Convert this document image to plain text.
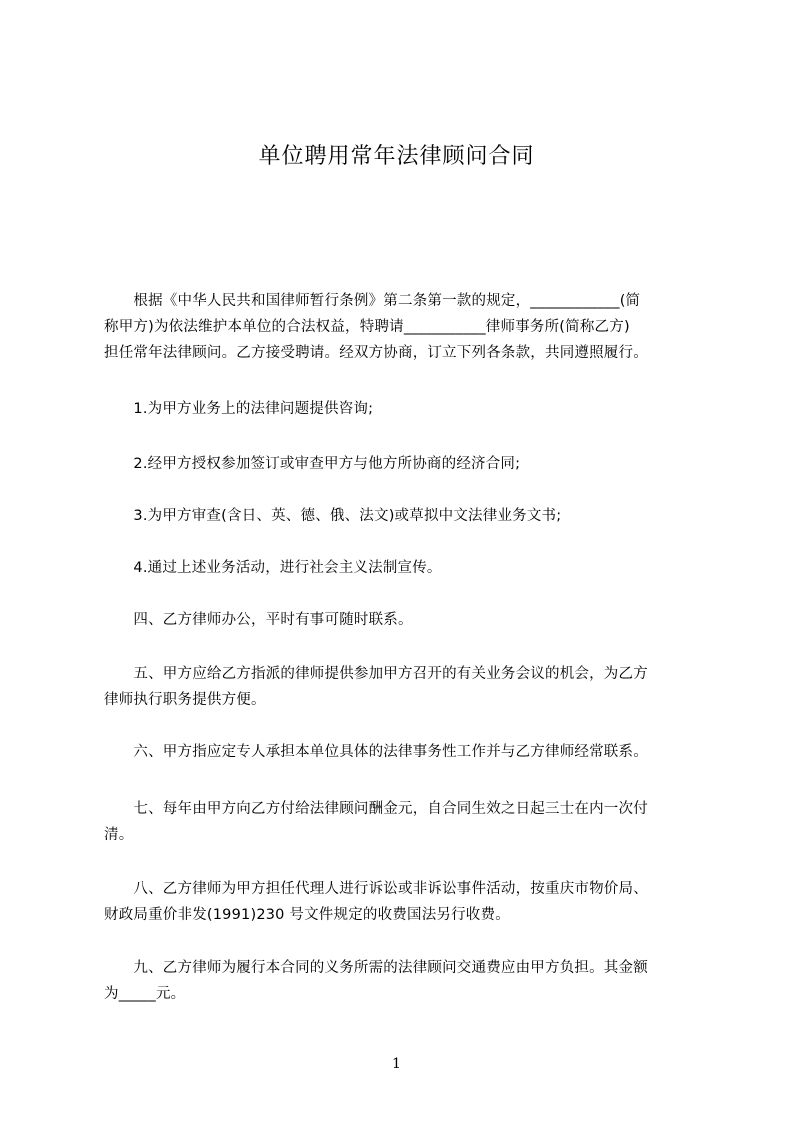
单位聘用常年法律顾问合同
　　根据《中华人民共和国律师暂行条例》第二条第一款的规定，____________(简
称甲方)为依法维护本单位的合法权益，特聘请___________律师事务所(简称乙方)
担任常年法律顾问。乙方接受聘请。经双方协商，订立下列各条款，共同遵照履行。
　　1.为甲方业务上的法律问题提供咨询;
　　2.经甲方授权参加签订或审查甲方与他方所协商的经济合同;
　　3.为甲方审查(含日、英、德、俄、法文)或草拟中文法律业务文书;
　　4.通过上述业务活动，进行社会主义法制宣传。
　　四、乙方律师办公，平时有事可随时联系。
　　五、甲方应给乙方指派的律师提供参加甲方召开的有关业务会议的机会，为乙方
律师执行职务提供方便。
　　六、甲方指应定专人承担本单位具体的法律事务性工作并与乙方律师经常联系。
　　七、每年由甲方向乙方付给法律顾问酬金元，自合同生效之日起三士在内一次付
清。
　　八、乙方律师为甲方担任代理人进行诉讼或非诉讼事件活动，按重庆市物价局、
财政局重价非发(1991)230 号文件规定的收费国法另行收费。
　　九、乙方律师为履行本合同的义务所需的法律顾问交通费应由甲方负担。其金额
为_____元。
1
